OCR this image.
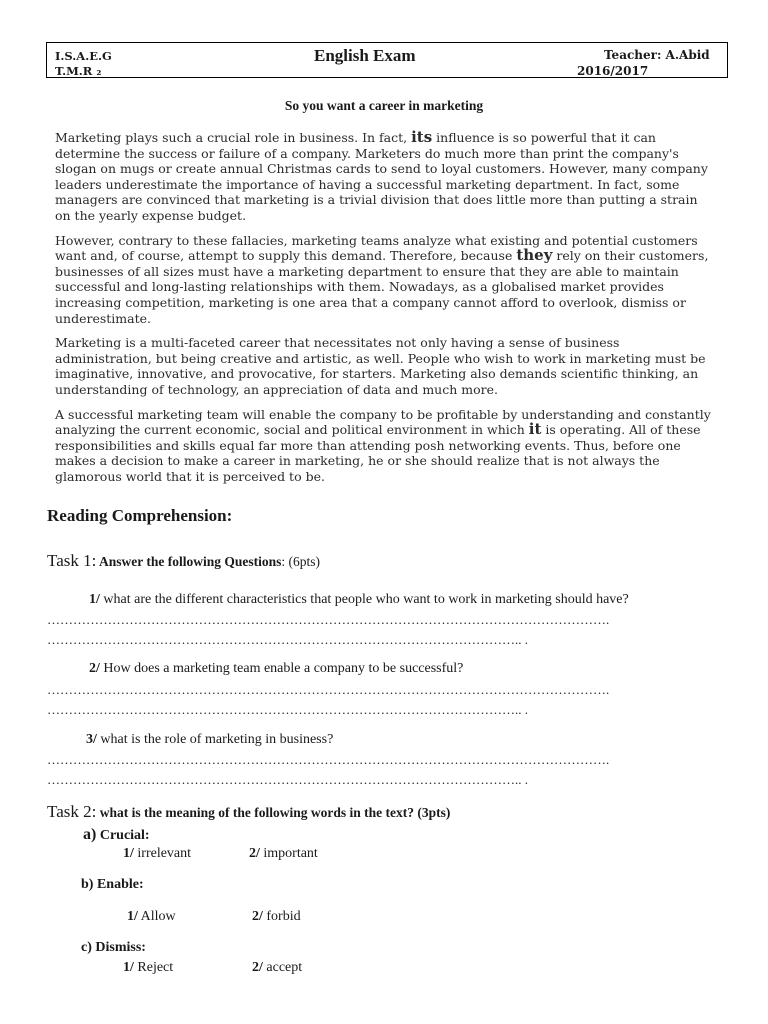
I.S.A.E.G
T.M.R ₂
English Exam	Teacher: A.Abid
2016/2017
So you want a career in marketing

Marketing plays such a crucial role in business. In fact, its influence is so powerful that it can determine the success or failure of a company. Marketers do much more than print the company's slogan on mugs or create annual Christmas cards to send to loyal customers. However, many company leaders underestimate the importance of having a successful marketing department. In fact, some managers are convinced that marketing is a trivial division that does little more than putting a strain on the yearly expense budget.

However, contrary to these fallacies, marketing teams analyze what existing and potential customers want and, of course, attempt to supply this demand. Therefore, because they rely on their customers, businesses of all sizes must have a marketing department to ensure that they are able to maintain successful and long-lasting relationships with them. Nowadays, as a globalised market provides increasing competition, marketing is one area that a company cannot afford to overlook, dismiss or underestimate.

Marketing is a multi-faceted career that necessitates not only having a sense of business administration, but being creative and artistic, as well. People who wish to work in marketing must be imaginative, innovative, and provocative, for starters. Marketing also demands scientific thinking, an understanding of technology, an appreciation of data and much more.

A successful marketing team will enable the company to be profitable by understanding and constantly analyzing the current economic, social and political environment in which it is operating. All of these responsibilities and skills equal far more than attending posh networking events. Thus, before one makes a decision to make a career in marketing, he or she should realize that is not always the glamorous world that it is perceived to be.

Reading Comprehension:
Task 1: Answer the following Questions: (6pts)
1/ what are the different characteristics that people who want to work in marketing should have?
………………………………………………………………………………………………………………….
……………………………………………………………………………………………….. .
2/ How does a marketing team enable a company to be successful?
………………………………………………………………………………………………………………….
……………………………………………………………………………………………….. .
3/ what is the role of marketing in business?
………………………………………………………………………………………………………………….
……………………………………………………………………………………………….. .
Task 2: what is the meaning of the following words in the text? (3pts)
a) Crucial:
1/ irrelevant	2/ important
b) Enable:
1/ Allow	2/ forbid
c) Dismiss:
1/ Reject	2/ accept
